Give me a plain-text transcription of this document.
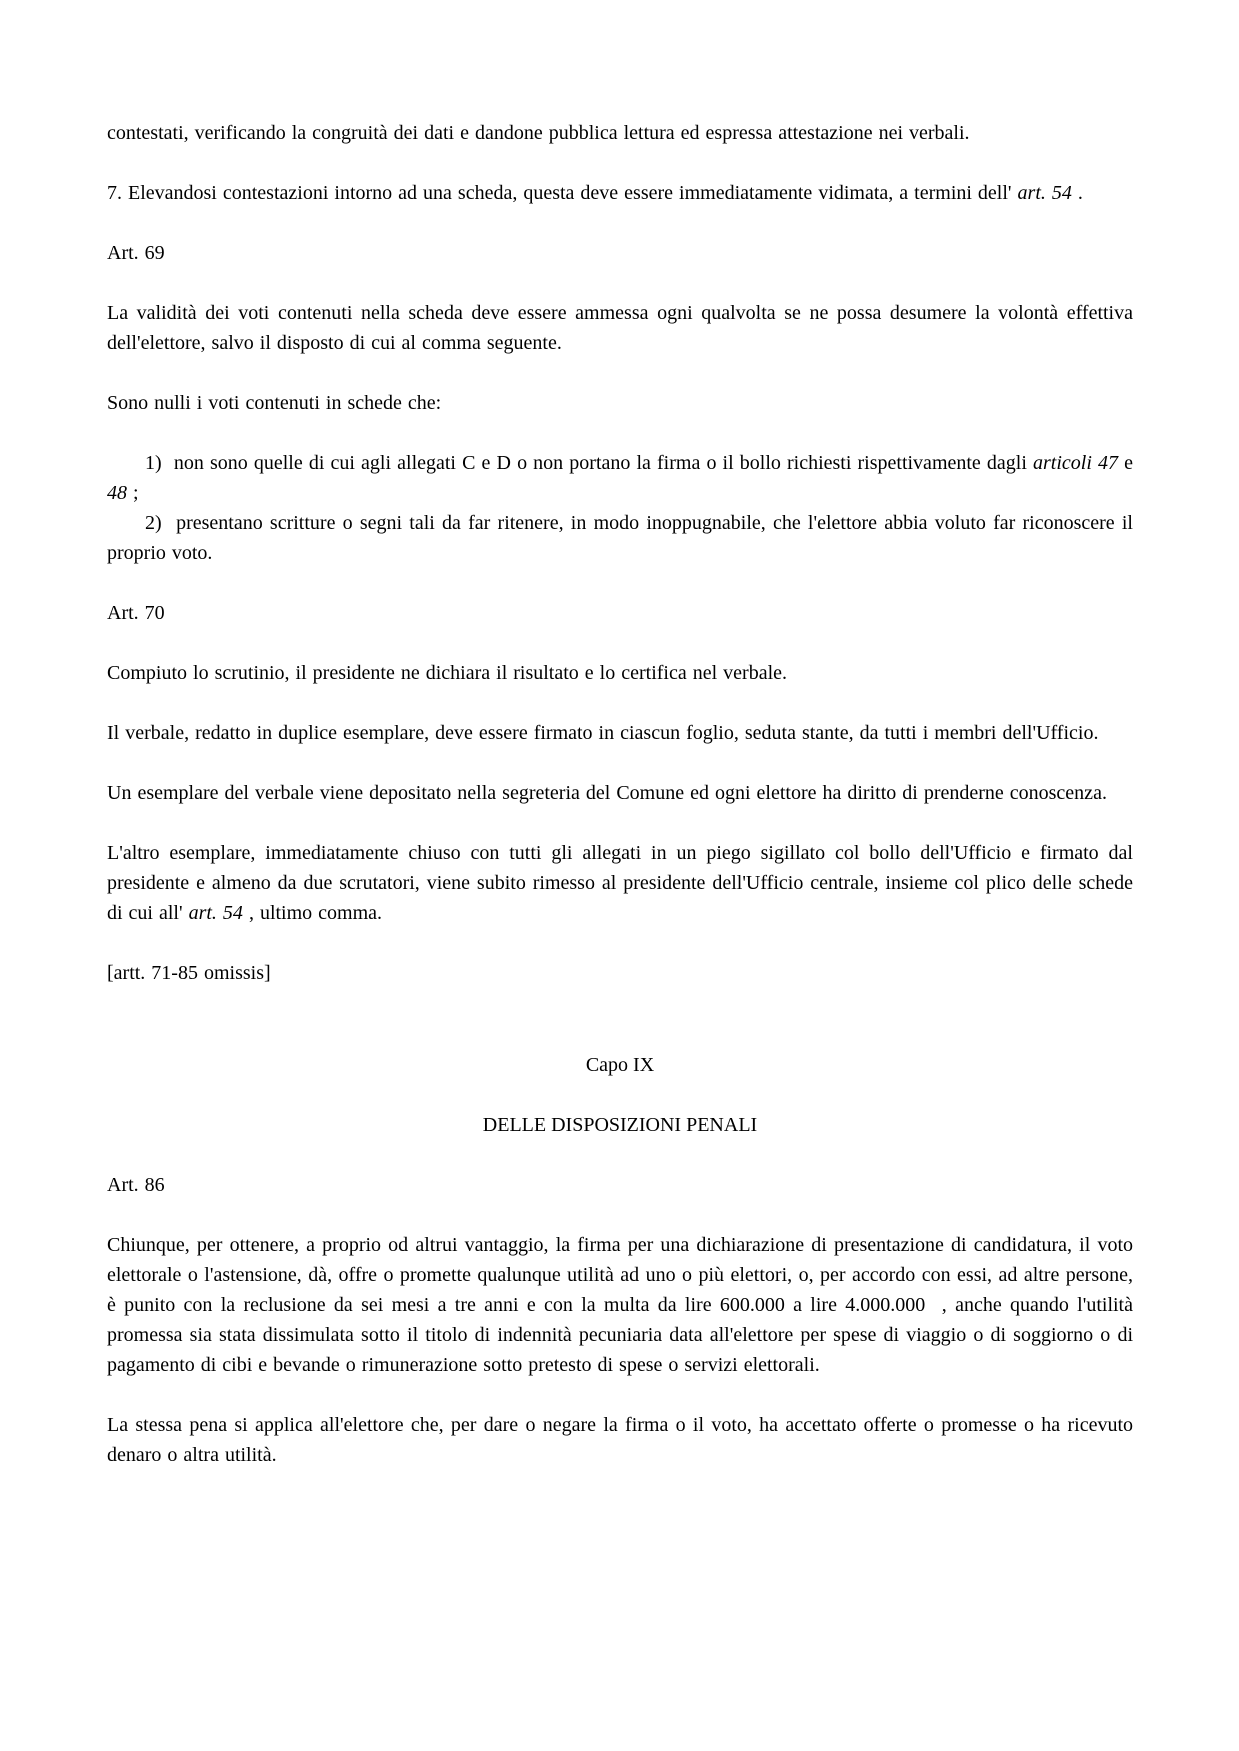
contestati, verificando la congruità dei dati e dandone pubblica lettura ed espressa attestazione nei verbali.

7. Elevandosi contestazioni intorno ad una scheda, questa deve essere immediatamente vidimata, a termini dell' art. 54 .

Art. 69

La validità dei voti contenuti nella scheda deve essere ammessa ogni qualvolta se ne possa desumere la volontà effettiva dell'elettore, salvo il disposto di cui al comma seguente.

Sono nulli i voti contenuti in schede che:

1)  non sono quelle di cui agli allegati C e D o non portano la firma o il bollo richiesti rispettivamente dagli articoli 47 e 48 ;

2)  presentano scritture o segni tali da far ritenere, in modo inoppugnabile, che l'elettore abbia voluto far riconoscere il proprio voto.

Art. 70

Compiuto lo scrutinio, il presidente ne dichiara il risultato e lo certifica nel verbale.

Il verbale, redatto in duplice esemplare, deve essere firmato in ciascun foglio, seduta stante, da tutti i membri dell'Ufficio.

Un esemplare del verbale viene depositato nella segreteria del Comune ed ogni elettore ha diritto di prenderne conoscenza.

L'altro esemplare, immediatamente chiuso con tutti gli allegati in un piego sigillato col bollo dell'Ufficio e firmato dal presidente e almeno da due scrutatori, viene subito rimesso al presidente dell'Ufficio centrale, insieme col plico delle schede di cui all' art. 54 , ultimo comma.

[artt. 71-85 omissis]

Capo IX

DELLE DISPOSIZIONI PENALI

Art. 86

Chiunque, per ottenere, a proprio od altrui vantaggio, la firma per una dichiarazione di presentazione di candidatura, il voto elettorale o l'astensione, dà, offre o promette qualunque utilità ad uno o più elettori, o, per accordo con essi, ad altre persone, è punito con la reclusione da sei mesi a tre anni e con la multa da lire 600.000 a lire 4.000.000  , anche quando l'utilità promessa sia stata dissimulata sotto il titolo di indennità pecuniaria data all'elettore per spese di viaggio o di soggiorno o di pagamento di cibi e bevande o rimunerazione sotto pretesto di spese o servizi elettorali.

La stessa pena si applica all'elettore che, per dare o negare la firma o il voto, ha accettato offerte o promesse o ha ricevuto denaro o altra utilità.
